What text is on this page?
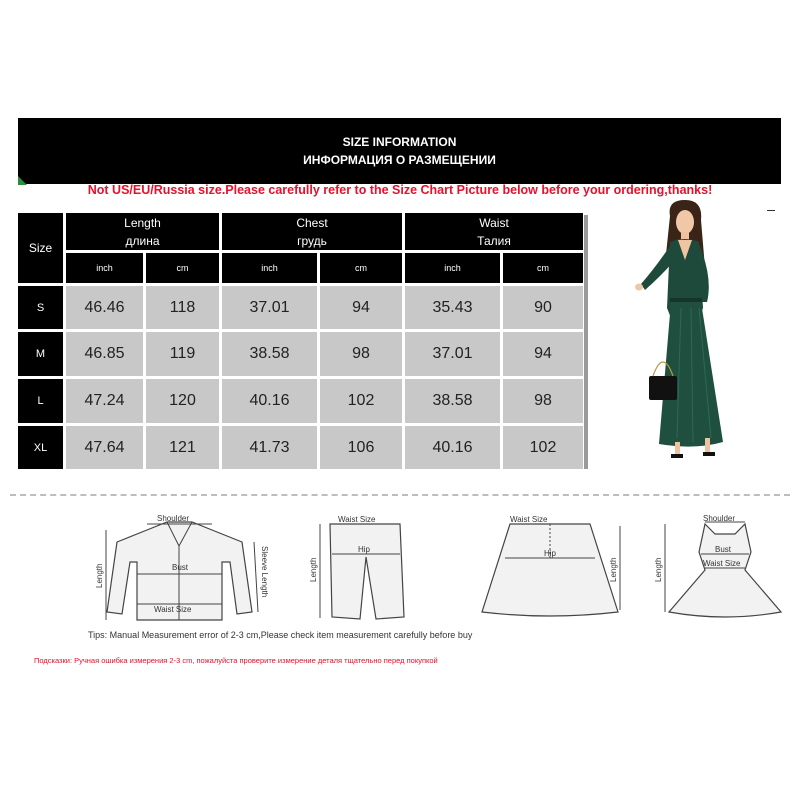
SIZE INFORMATION
ИНФОРМАЦИЯ О РАЗМЕЩЕНИИ
Not US/EU/Russia size.Please carefully refer to the Size Chart Picture below before your ordering,thanks!
Size
Length
длина
Chest
грудь
Waist
Талия
inch	cm	inch	cm	inch	cm
S	46.46	118	37.01	94	35.43	90
M	46.85	119	38.58	98	37.01	94
L	47.24	120	40.16	102	38.58	98
XL	47.64	121	41.73	106	40.16	102
Shoulder
Bust
Waist Size
Length	Sleeve Length
Waist Size
Hip
Length
Waist Size
Hip
Length
Shoulder
Bust
Waist Size
Length
Tips: Manual Measurement error of 2-3 cm,Please check item measurement carefully before buy
Подсказки: Ручная ошибка измерения 2-3 cm, пожалуйста проверите измерение деталя тщательно перед покупкой
